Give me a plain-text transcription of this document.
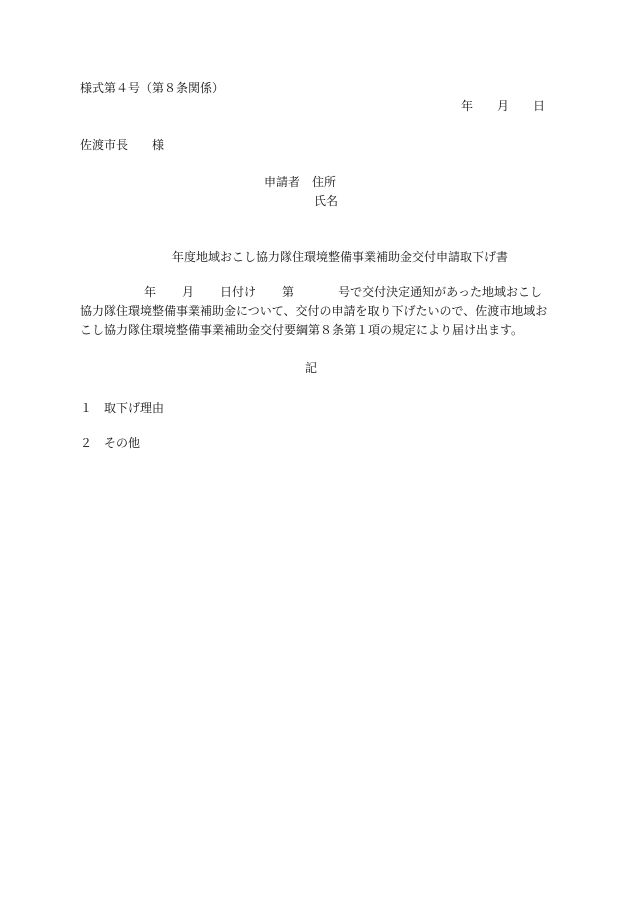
様式第４号（第８条関係）
年 月 日
佐渡市長 様
申請者 住所
氏名
年度地域おこし協力隊住環境整備事業補助金交付申請取下げ書
年 月 日付け 第	号で交付決定通知があった地域おこし
協力隊住環境整備事業補助金について、交付の申請を取り下げたいので、佐渡市地域お
こし協力隊住環境整備事業補助金交付要綱第８条第１項の規定により届け出ます。
記
１ 取下げ理由
２ その他
